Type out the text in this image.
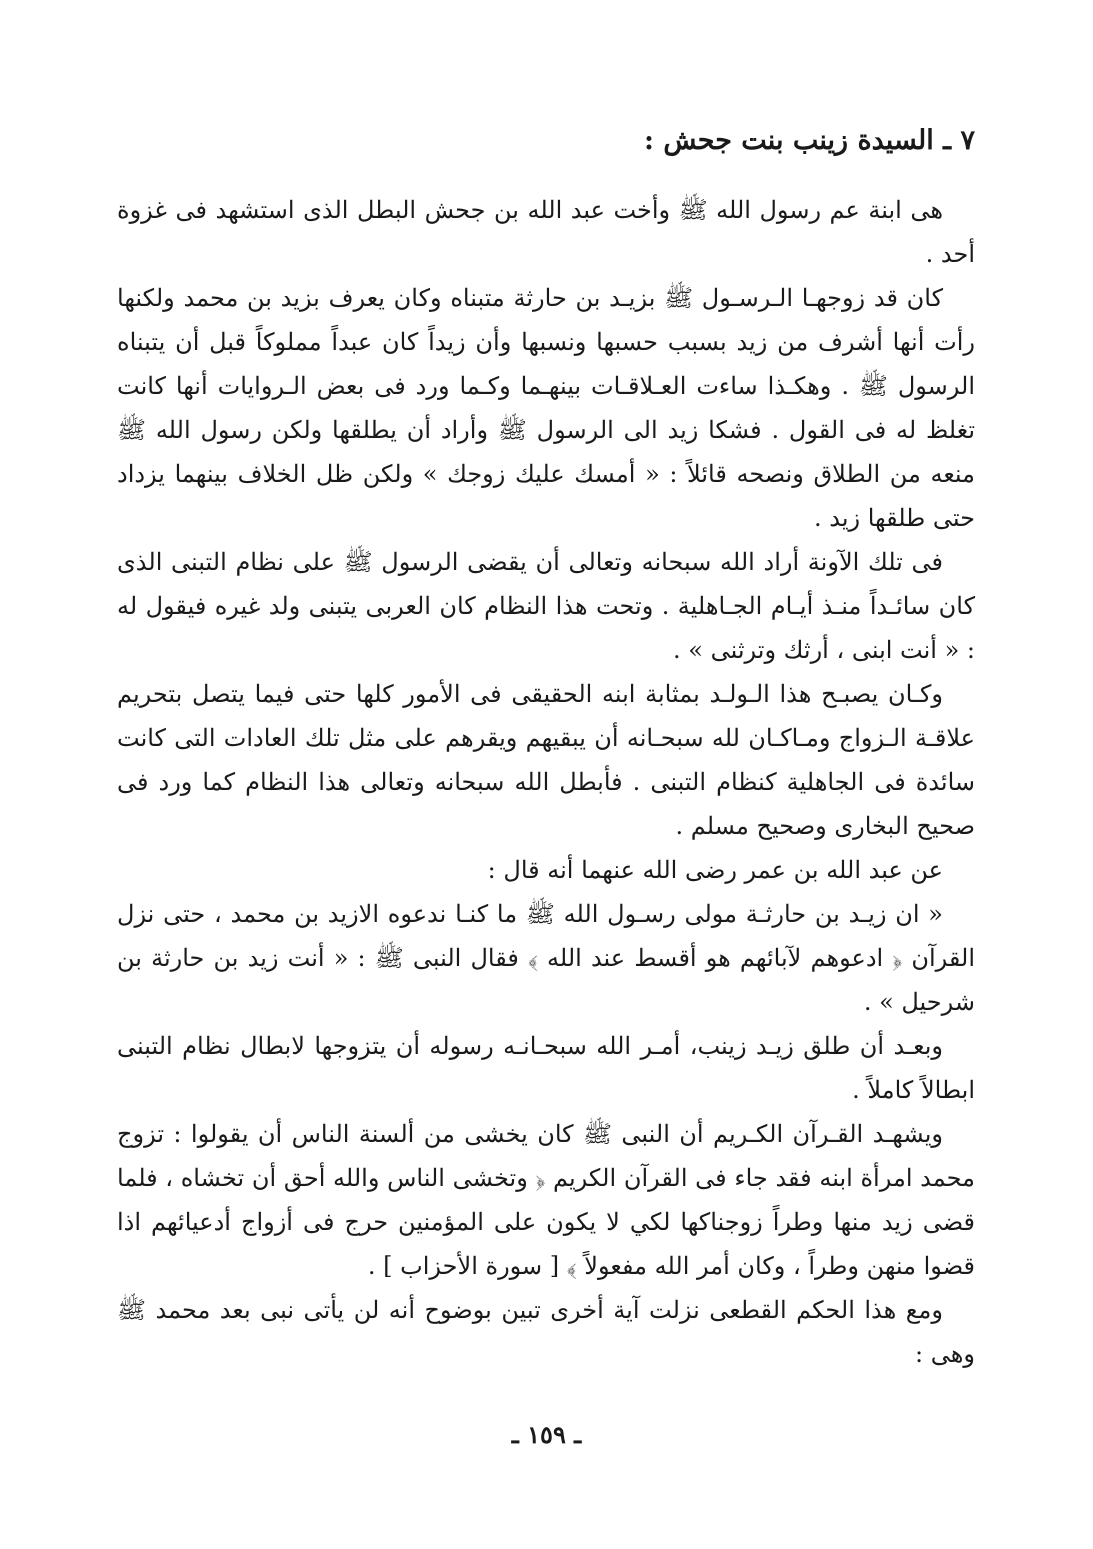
٧ ـ السيدة زينب بنت جحش :

هى ابنة عم رسول الله ﷺ وأخت عبد الله بن جحش البطل الذى استشهد فى غزوة أحد .

كان قد زوجهـا الـرسـول ﷺ بزيـد بن حارثة متبناه وكان يعرف بزيد بن محمد ولكنها رأت أنها أشرف من زيد بسبب حسبها ونسبها وأن زيداً كان عبداً مملوكاً قبل أن يتبناه الرسول ﷺ . وهكـذا ساءت العـلاقـات بينهـما وكـما ورد فى بعض الـروايات أنها كانت تغلظ له فى القول . فشكا زيد الى الرسول ﷺ وأراد أن يطلقها ولكن رسول الله ﷺ منعه من الطلاق ونصحه قائلاً : « أمسك عليك زوجك » ولكن ظل الخلاف بينهما يزداد حتى طلقها زيد .

فى تلك الآونة أراد الله سبحانه وتعالى أن يقضى الرسول ﷺ على نظام التبنى الذى كان سائـداً منـذ أيـام الجـاهلية . وتحت هذا النظام كان العربى يتبنى ولد غيره فيقول له : « أنت ابنى ، أرثك وترثنى » .

وكـان يصبـح هذا الـولـد بمثابة ابنه الحقيقى فى الأمور كلها حتى فيما يتصل بتحريم علاقـة الـزواج ومـاكـان لله سبحـانه أن يبقيهم ويقرهم على مثل تلك العادات التى كانت سائدة فى الجاهلية كنظام التبنى . فأبطل الله سبحانه وتعالى هذا النظام كما ورد فى صحيح البخارى وصحيح مسلم .

عن عبد الله بن عمر رضى الله عنهما أنه قال :

« ان زيـد بن حارثـة مولى رسـول الله ﷺ ما كنـا ندعوه الازيد بن محمد ، حتى نزل القرآن ﴿ ادعوهم لآبائهم هو أقسط عند الله ﴾ فقال النبى ﷺ : « أنت زيد بن حارثة بن شرحيل » .

وبعـد أن طلق زيـد زينب، أمـر الله سبحـانـه رسوله أن يتزوجها لابطال نظام التبنى ابطالاً كاملاً .

ويشهـد القـرآن الكـريم أن النبى ﷺ كان يخشى من ألسنة الناس أن يقولوا : تزوج محمد امرأة ابنه فقد جاء فى القرآن الكريم ﴿ وتخشى الناس والله أحق أن تخشاه ، فلما قضى زيد منها وطراً زوجناكها لكي لا يكون على المؤمنين حرج فى أزواج أدعيائهم اذا قضوا منهن وطراً ، وكان أمر الله مفعولاً ﴾ [ سورة الأحزاب ] .

ومع هذا الحكم القطعى نزلت آية أخرى تبين بوضوح أنه لن يأتى نبى بعد محمد ﷺ وهى :

ـ ١٥٩ ـ
